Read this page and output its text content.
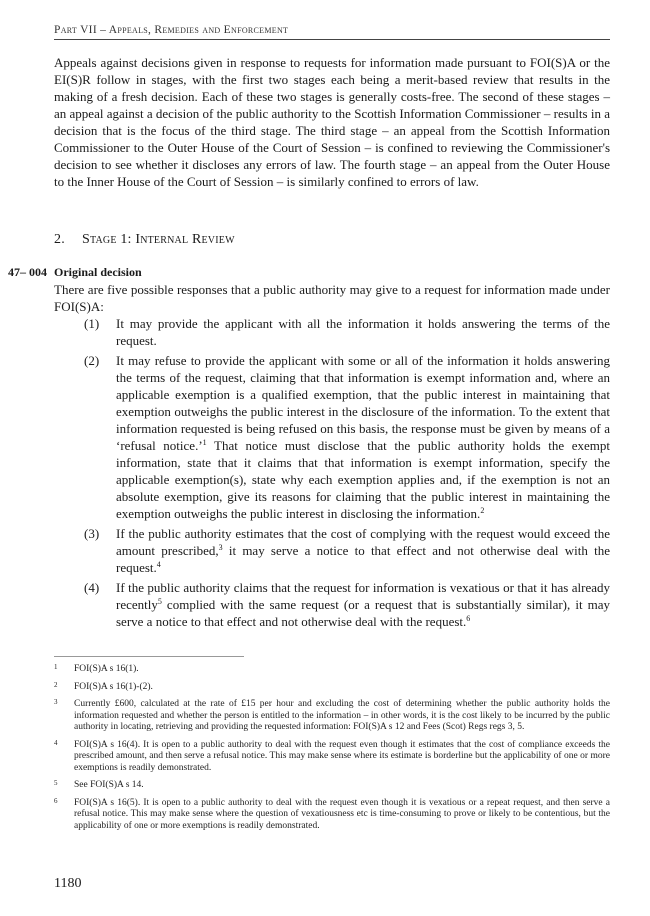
Part VII – Appeals, Remedies and Enforcement

Appeals against decisions given in response to requests for information made pursuant to FOI(S)A or the EI(S)R follow in stages, with the first two stages each being a merit-based review that results in the making of a fresh decision. Each of these two stages is generally costs-free. The second of these stages – an appeal against a decision of the public authority to the Scottish Information Commissioner – results in a decision that is the focus of the third stage. The third stage – an appeal from the Scottish Information Commissioner to the Outer House of the Court of Session – is confined to reviewing the Commissioner's decision to see whether it discloses any errors of law. The fourth stage – an appeal from the Outer House to the Inner House of the Court of Session – is similarly confined to errors of law.

2. Stage 1: Internal Review
47– 004 Original decision

There are five possible responses that a public authority may give to a request for information made under FOI(S)A:

(1) It may provide the applicant with all the information it holds answering the terms of the request.
(2) It may refuse to provide the applicant with some or all of the information it holds answering the terms of the request, claiming that that information is exempt information and, where an applicable exemption is a qualified exemption, that the public interest in maintaining that exemption outweighs the public interest in the disclosure of the information. To the extent that information requested is being refused on this basis, the response must be given by means of a ‘refusal notice.’$^1$ That notice must disclose that the public authority holds the exempt information, state that it claims that that information is exempt information, specify the applicable exemption(s), state why each exemption applies and, if the exemption is not an absolute exemption, give its reasons for claiming that the public interest in maintaining the exemption outweighs the public interest in disclosing the information.$^2$
(3) If the public authority estimates that the cost of complying with the request would exceed the amount prescribed,$^3$ it may serve a notice to that effect and not otherwise deal with the request.$^4$
(4) If the public authority claims that the request for information is vexatious or that it has already recently$^5$ complied with the same request (or a request that is substantially similar), it may serve a notice to that effect and not otherwise deal with the request.$^6$
1 FOI(S)A s 16(1).
2 FOI(S)A s 16(1)-(2).
3 Currently £600, calculated at the rate of £15 per hour and excluding the cost of determining whether the public authority holds the information requested and whether the person is entitled to the information – in other words, it is the cost likely to be incurred by the public authority in locating, retrieving and providing the requested information: FOI(S)A s 12 and Fees (Scot) Regs regs 3, 5.
4 FOI(S)A s 16(4). It is open to a public authority to deal with the request even though it estimates that the cost of compliance exceeds the prescribed amount, and then serve a refusal notice. This may make sense where its estimate is borderline but the applicability of one or more exemptions is readily demonstrated.
5 See FOI(S)A s 14.
6 FOI(S)A s 16(5). It is open to a public authority to deal with the request even though it is vexatious or a repeat request, and then serve a refusal notice. This may make sense where the question of vexatiousness etc is time-consuming to prove or likely to be contentious, but the applicability of one or more exemptions is readily demonstrated.
1180
